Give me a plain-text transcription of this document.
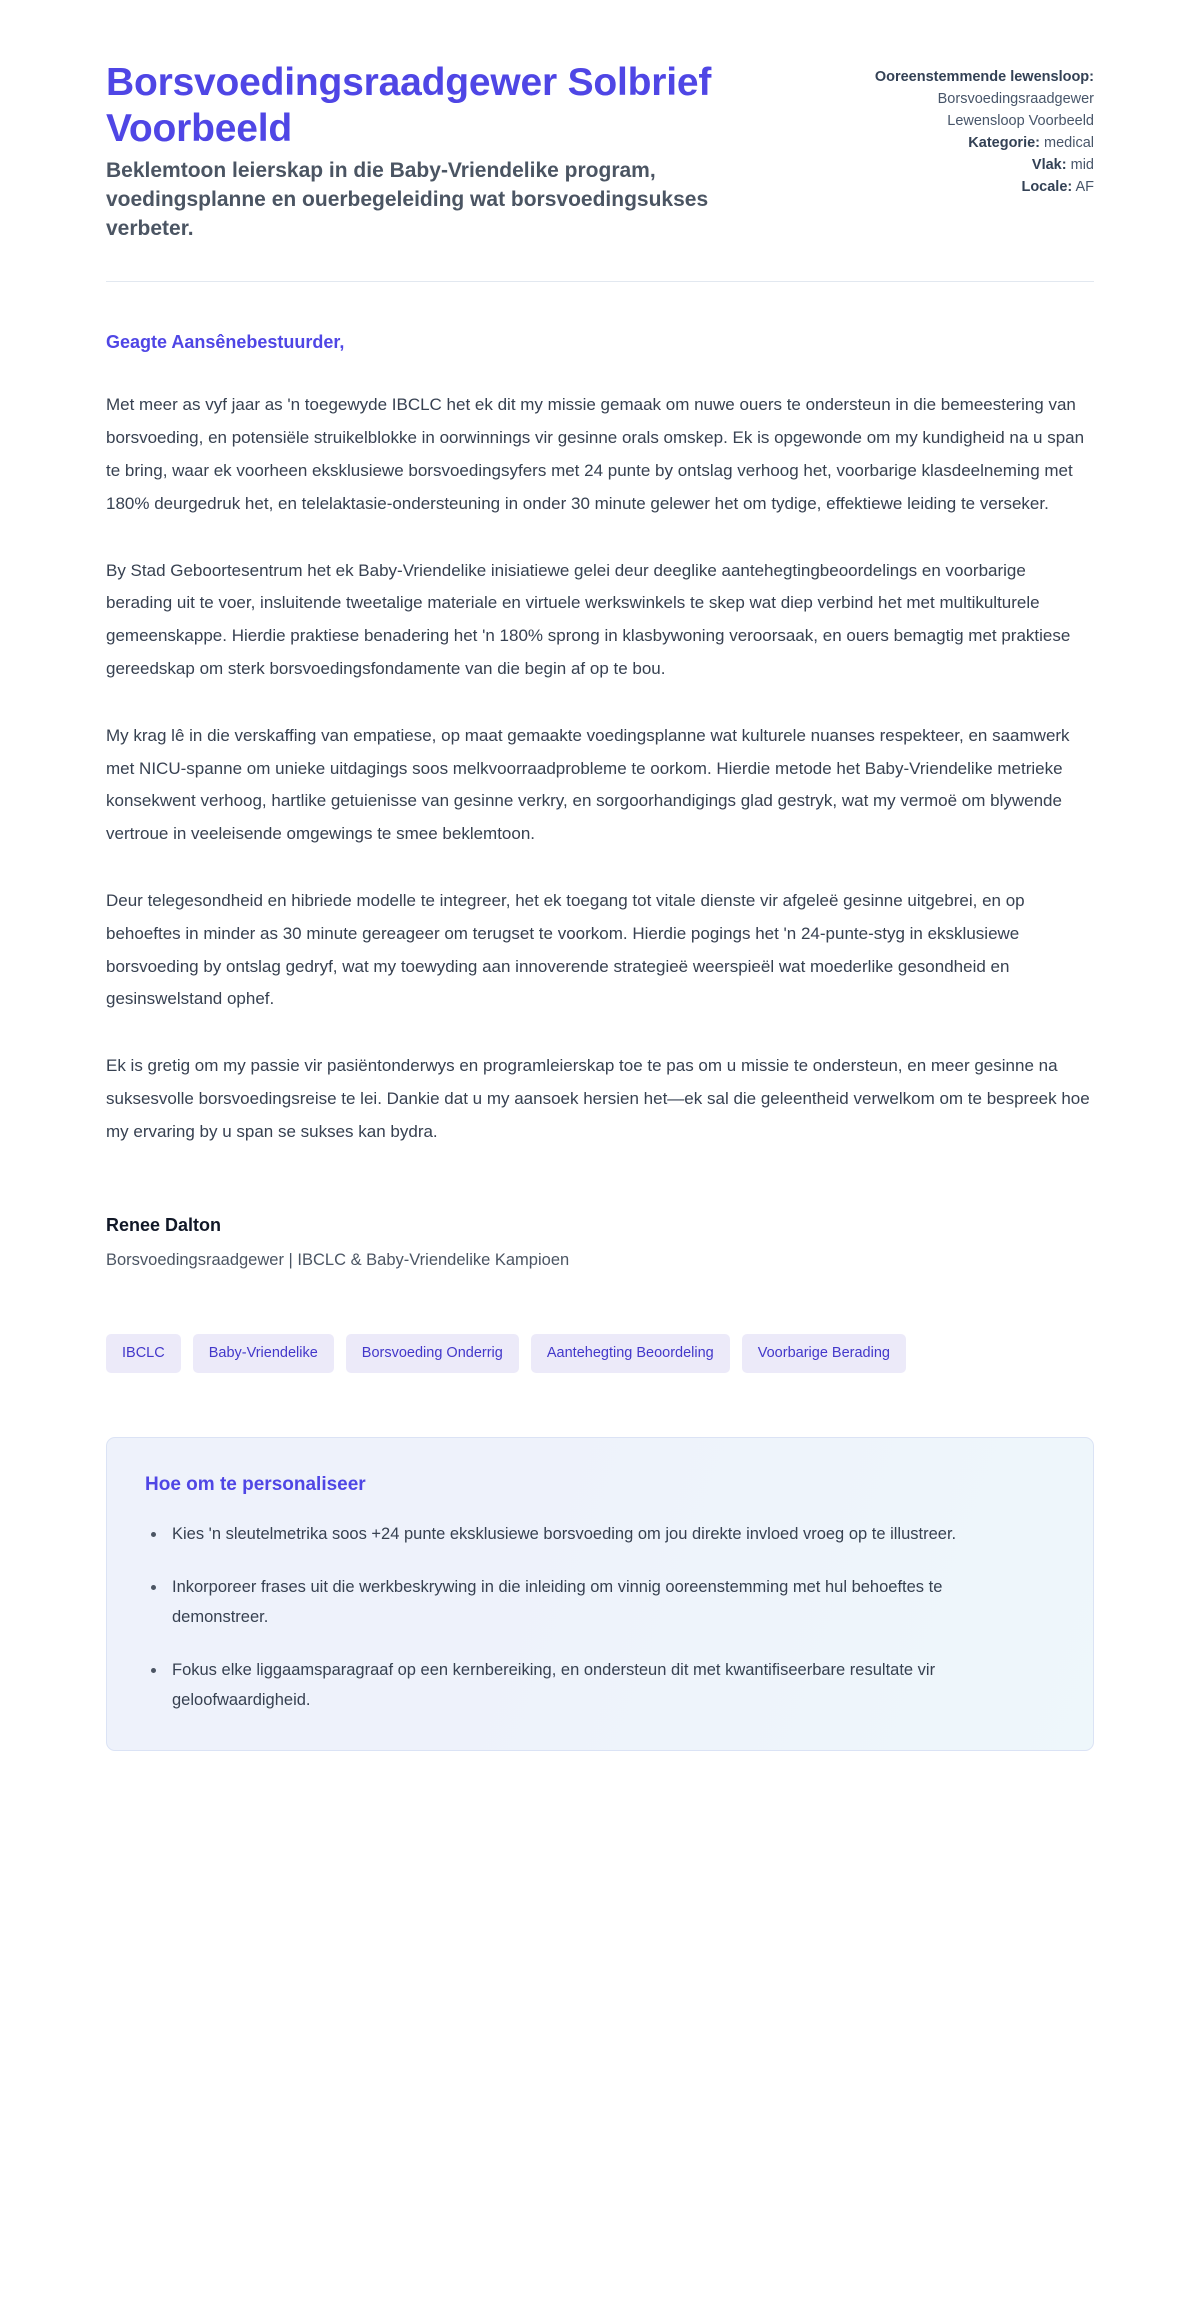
Borsvoedingsraadgewer Solbrief Voorbeeld

Beklemtoon leierskap in die Baby-Vriendelike program, voedingsplanne en ouerbegeleiding wat borsvoedingsukses verbeter.

Ooreenstemmende lewensloop:
Borsvoedingsraadgewer Lewensloop Voorbeeld
Kategorie: medical
Vlak: mid
Locale: AF

Geagte Aansênebestuurder,

Met meer as vyf jaar as 'n toegewyde IBCLC het ek dit my missie gemaak om nuwe ouers te ondersteun in die bemeestering van borsvoeding, en potensiële struikelblokke in oorwinnings vir gesinne orals omskep. Ek is opgewonde om my kundigheid na u span te bring, waar ek voorheen eksklusiewe borsvoedingsyfers met 24 punte by ontslag verhoog het, voorbarige klasdeelneming met 180% deurgedruk het, en telelaktasie-ondersteuning in onder 30 minute gelewer het om tydige, effektiewe leiding te verseker.

By Stad Geboortesentrum het ek Baby-Vriendelike inisiatiewe gelei deur deeglike aantehegtingbeoordelings en voorbarige berading uit te voer, insluitende tweetalige materiale en virtuele werkswinkels te skep wat diep verbind het met multikulturele gemeenskappe. Hierdie praktiese benadering het 'n 180% sprong in klasbywoning veroorsaak, en ouers bemagtig met praktiese gereedskap om sterk borsvoedingsfondamente van die begin af op te bou.

My krag lê in die verskaffing van empatiese, op maat gemaakte voedingsplanne wat kulturele nuanses respekteer, en saamwerk met NICU-spanne om unieke uitdagings soos melkvoorraadprobleme te oorkom. Hierdie metode het Baby-Vriendelike metrieke konsekwent verhoog, hartlike getuienisse van gesinne verkry, en sorgoorhandigings glad gestryk, wat my vermoë om blywende vertroue in veeleisende omgewings te smee beklemtoon.

Deur telegesondheid en hibriede modelle te integreer, het ek toegang tot vitale dienste vir afgeleë gesinne uitgebrei, en op behoeftes in minder as 30 minute gereageer om terugset te voorkom. Hierdie pogings het 'n 24-punte-styg in eksklusiewe borsvoeding by ontslag gedryf, wat my toewyding aan innoverende strategieë weerspieël wat moederlike gesondheid en gesinswelstand ophef.

Ek is gretig om my passie vir pasiëntonderwys en programleierskap toe te pas om u missie te ondersteun, en meer gesinne na suksesvolle borsvoedingsreise te lei. Dankie dat u my aansoek hersien het—ek sal die geleentheid verwelkom om te bespreek hoe my ervaring by u span se sukses kan bydra.

Renee Dalton

Borsvoedingsraadgewer | IBCLC & Baby-Vriendelike Kampioen

IBCLC	Baby-Vriendelike	Borsvoeding Onderrig	Aantehegting Beoordeling	Voorbarige Berading
Hoe om te personaliseer
Kies 'n sleutelmetrika soos +24 punte eksklusiewe borsvoeding om jou direkte invloed vroeg op te illustreer.
Inkorporeer frases uit die werkbeskrywing in die inleiding om vinnig ooreenstemming met hul behoeftes te demonstreer.
Fokus elke liggaamsparagraaf op een kernbereiking, en ondersteun dit met kwantifiseerbare resultate vir geloofwaardigheid.
